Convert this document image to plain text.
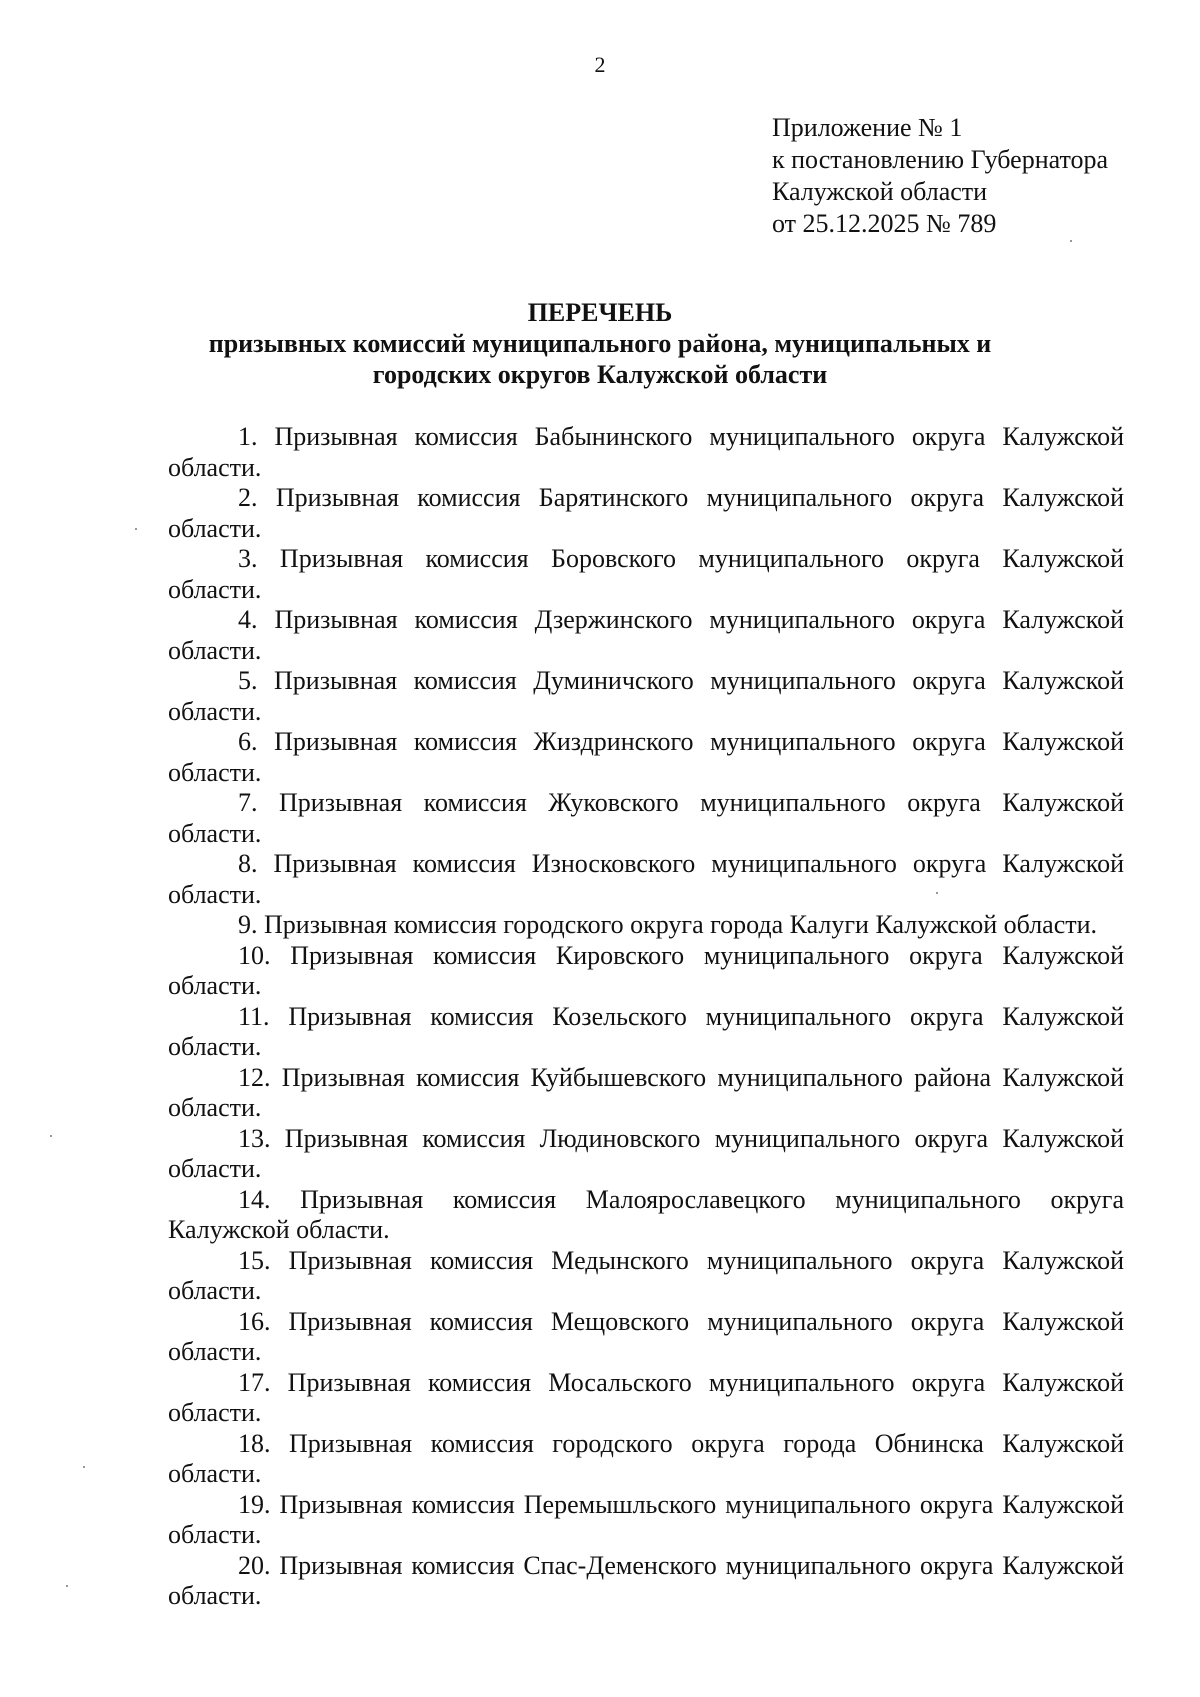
2
Приложение № 1
к постановлению Губернатора
Калужской области
от 25.12.2025 № 789
ПЕРЕЧЕНЬ
призывных комиссий муниципального района, муниципальных и городских округов Калужской области
1. Призывная комиссия Бабынинского муниципального округа Калужской области.
2. Призывная комиссия Барятинского муниципального округа Калужской области.
3. Призывная комиссия Боровского муниципального округа Калужской области.
4. Призывная комиссия Дзержинского муниципального округа Калужской области.
5. Призывная комиссия Думиничского муниципального округа Калужской области.
6. Призывная комиссия Жиздринского муниципального округа Калужской области.
7. Призывная комиссия Жуковского муниципального округа Калужской области.
8. Призывная комиссия Износковского муниципального округа Калужской области.
9. Призывная комиссия городского округа города Калуги Калужской области.
10. Призывная комиссия Кировского муниципального округа Калужской области.
11. Призывная комиссия Козельского муниципального округа Калужской области.
12. Призывная комиссия Куйбышевского муниципального района Калужской области.
13. Призывная комиссия Людиновского муниципального округа Калужской области.
14. Призывная комиссия Малоярославецкого муниципального округа Калужской области.
15. Призывная комиссия Медынского муниципального округа Калужской области.
16. Призывная комиссия Мещовского муниципального округа Калужской области.
17. Призывная комиссия Мосальского муниципального округа Калужской области.
18. Призывная комиссия городского округа города Обнинска Калужской области.
19. Призывная комиссия Перемышльского муниципального округа Калужской области.
20. Призывная комиссия Спас-Деменского муниципального округа Калужской области.
